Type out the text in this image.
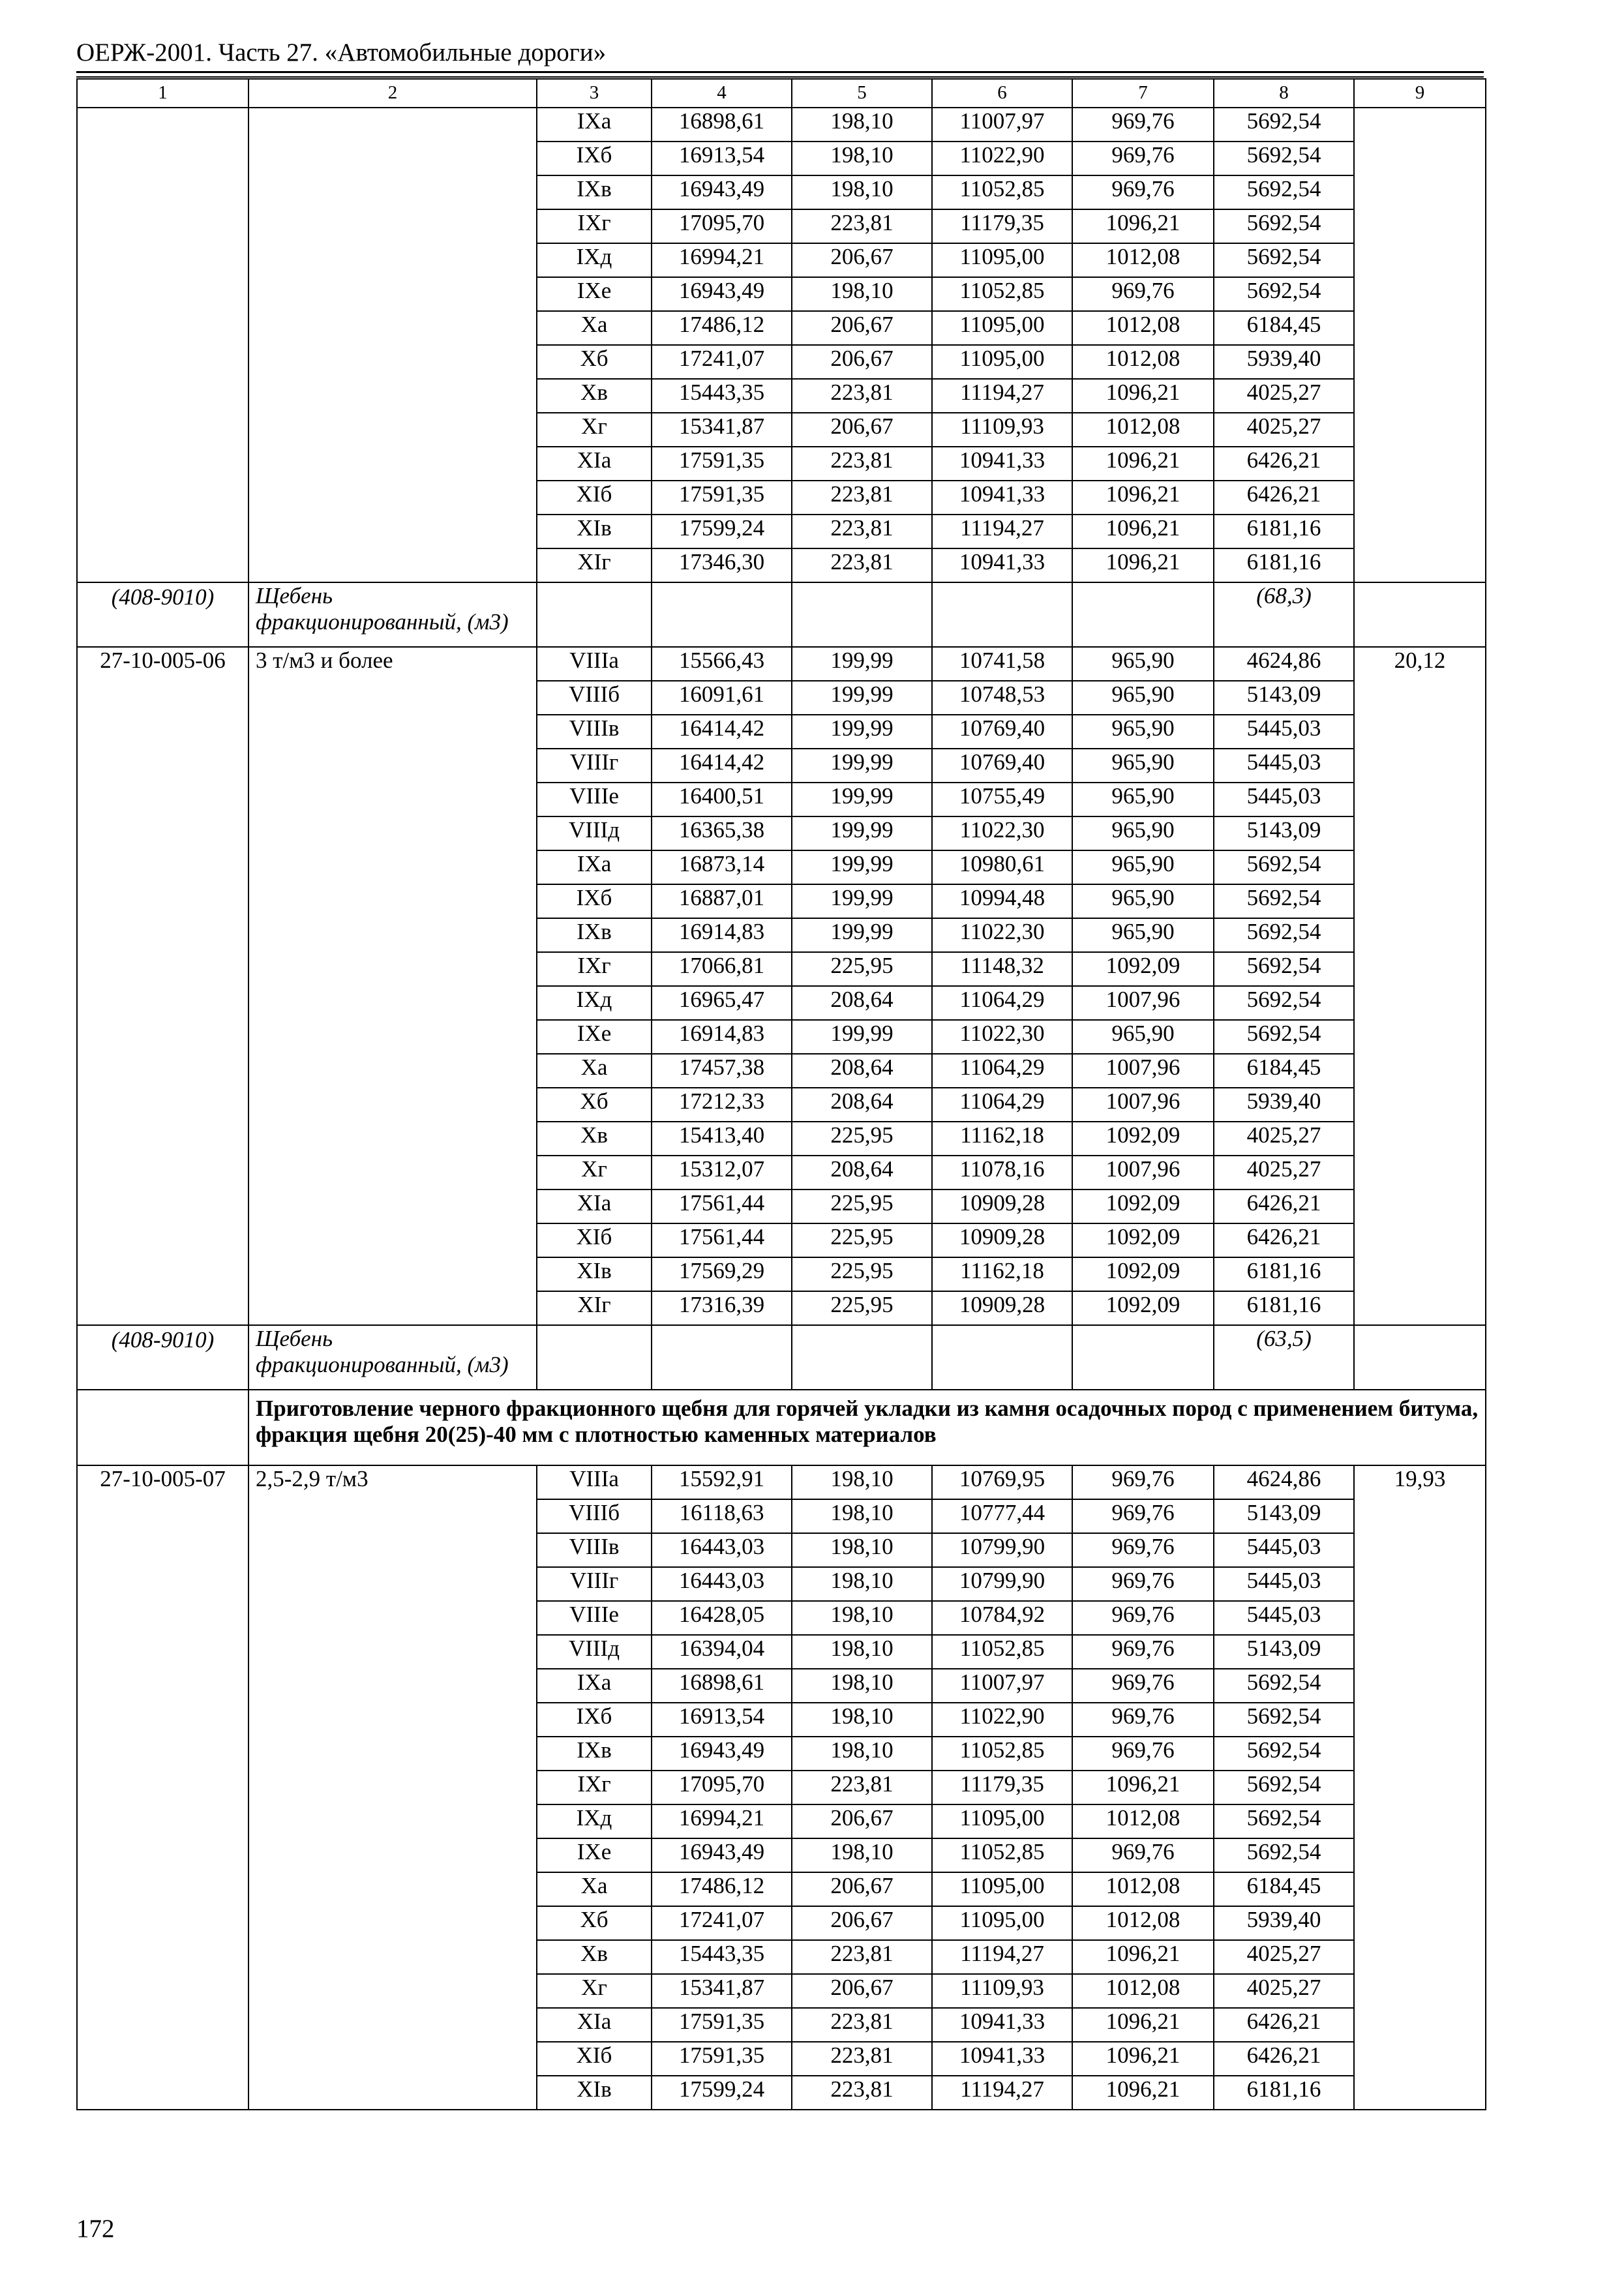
ОЕРЖ-2001. Часть 27. «Автомобильные дороги»
1	2	3	4	5	6	7	8	9
		IXа	16898,61	198,10	11007,97	969,76	5692,54	
		IXб	16913,54	198,10	11022,90	969,76	5692,54	
		IXв	16943,49	198,10	11052,85	969,76	5692,54	
		IXг	17095,70	223,81	11179,35	1096,21	5692,54	
		IXд	16994,21	206,67	11095,00	1012,08	5692,54	
		IXе	16943,49	198,10	11052,85	969,76	5692,54	
		Xа	17486,12	206,67	11095,00	1012,08	6184,45	
		Xб	17241,07	206,67	11095,00	1012,08	5939,40	
		Xв	15443,35	223,81	11194,27	1096,21	4025,27	
		Xг	15341,87	206,67	11109,93	1012,08	4025,27	
		XIа	17591,35	223,81	10941,33	1096,21	6426,21	
		XIб	17591,35	223,81	10941,33	1096,21	6426,21	
		XIв	17599,24	223,81	11194,27	1096,21	6181,16	
		XIг	17346,30	223,81	10941,33	1096,21	6181,16	
(408-9010)	Щебень фракционированный, (м3)						(68,3)	
27-10-005-06	3 т/м3 и более	VIIIа	15566,43	199,99	10741,58	965,90	4624,86	20,12
		VIIIб	16091,61	199,99	10748,53	965,90	5143,09	
		VIIIв	16414,42	199,99	10769,40	965,90	5445,03	
		VIIIг	16414,42	199,99	10769,40	965,90	5445,03	
		VIIIе	16400,51	199,99	10755,49	965,90	5445,03	
		VIIIд	16365,38	199,99	11022,30	965,90	5143,09	
		IXа	16873,14	199,99	10980,61	965,90	5692,54	
		IXб	16887,01	199,99	10994,48	965,90	5692,54	
		IXв	16914,83	199,99	11022,30	965,90	5692,54	
		IXг	17066,81	225,95	11148,32	1092,09	5692,54	
		IXд	16965,47	208,64	11064,29	1007,96	5692,54	
		IXе	16914,83	199,99	11022,30	965,90	5692,54	
		Xа	17457,38	208,64	11064,29	1007,96	6184,45	
		Xб	17212,33	208,64	11064,29	1007,96	5939,40	
		Xв	15413,40	225,95	11162,18	1092,09	4025,27	
		Xг	15312,07	208,64	11078,16	1007,96	4025,27	
		XIа	17561,44	225,95	10909,28	1092,09	6426,21	
		XIб	17561,44	225,95	10909,28	1092,09	6426,21	
		XIв	17569,29	225,95	11162,18	1092,09	6181,16	
		XIг	17316,39	225,95	10909,28	1092,09	6181,16	
(408-9010)	Щебень фракционированный, (м3)						(63,5)	
	Приготовление черного фракционного щебня для горячей укладки из камня осадочных пород с применением битума, фракция щебня 20(25)-40 мм с плотностью каменных материалов							
27-10-005-07	2,5-2,9 т/м3	VIIIа	15592,91	198,10	10769,95	969,76	4624,86	19,93
		VIIIб	16118,63	198,10	10777,44	969,76	5143,09	
		VIIIв	16443,03	198,10	10799,90	969,76	5445,03	
		VIIIг	16443,03	198,10	10799,90	969,76	5445,03	
		VIIIе	16428,05	198,10	10784,92	969,76	5445,03	
		VIIIд	16394,04	198,10	11052,85	969,76	5143,09	
		IXа	16898,61	198,10	11007,97	969,76	5692,54	
		IXб	16913,54	198,10	11022,90	969,76	5692,54	
		IXв	16943,49	198,10	11052,85	969,76	5692,54	
		IXг	17095,70	223,81	11179,35	1096,21	5692,54	
		IXд	16994,21	206,67	11095,00	1012,08	5692,54	
		IXе	16943,49	198,10	11052,85	969,76	5692,54	
		Xа	17486,12	206,67	11095,00	1012,08	6184,45	
		Xб	17241,07	206,67	11095,00	1012,08	5939,40	
		Xв	15443,35	223,81	11194,27	1096,21	4025,27	
		Xг	15341,87	206,67	11109,93	1012,08	4025,27	
		XIа	17591,35	223,81	10941,33	1096,21	6426,21	
		XIб	17591,35	223,81	10941,33	1096,21	6426,21	
		XIв	17599,24	223,81	11194,27	1096,21	6181,16	
172
